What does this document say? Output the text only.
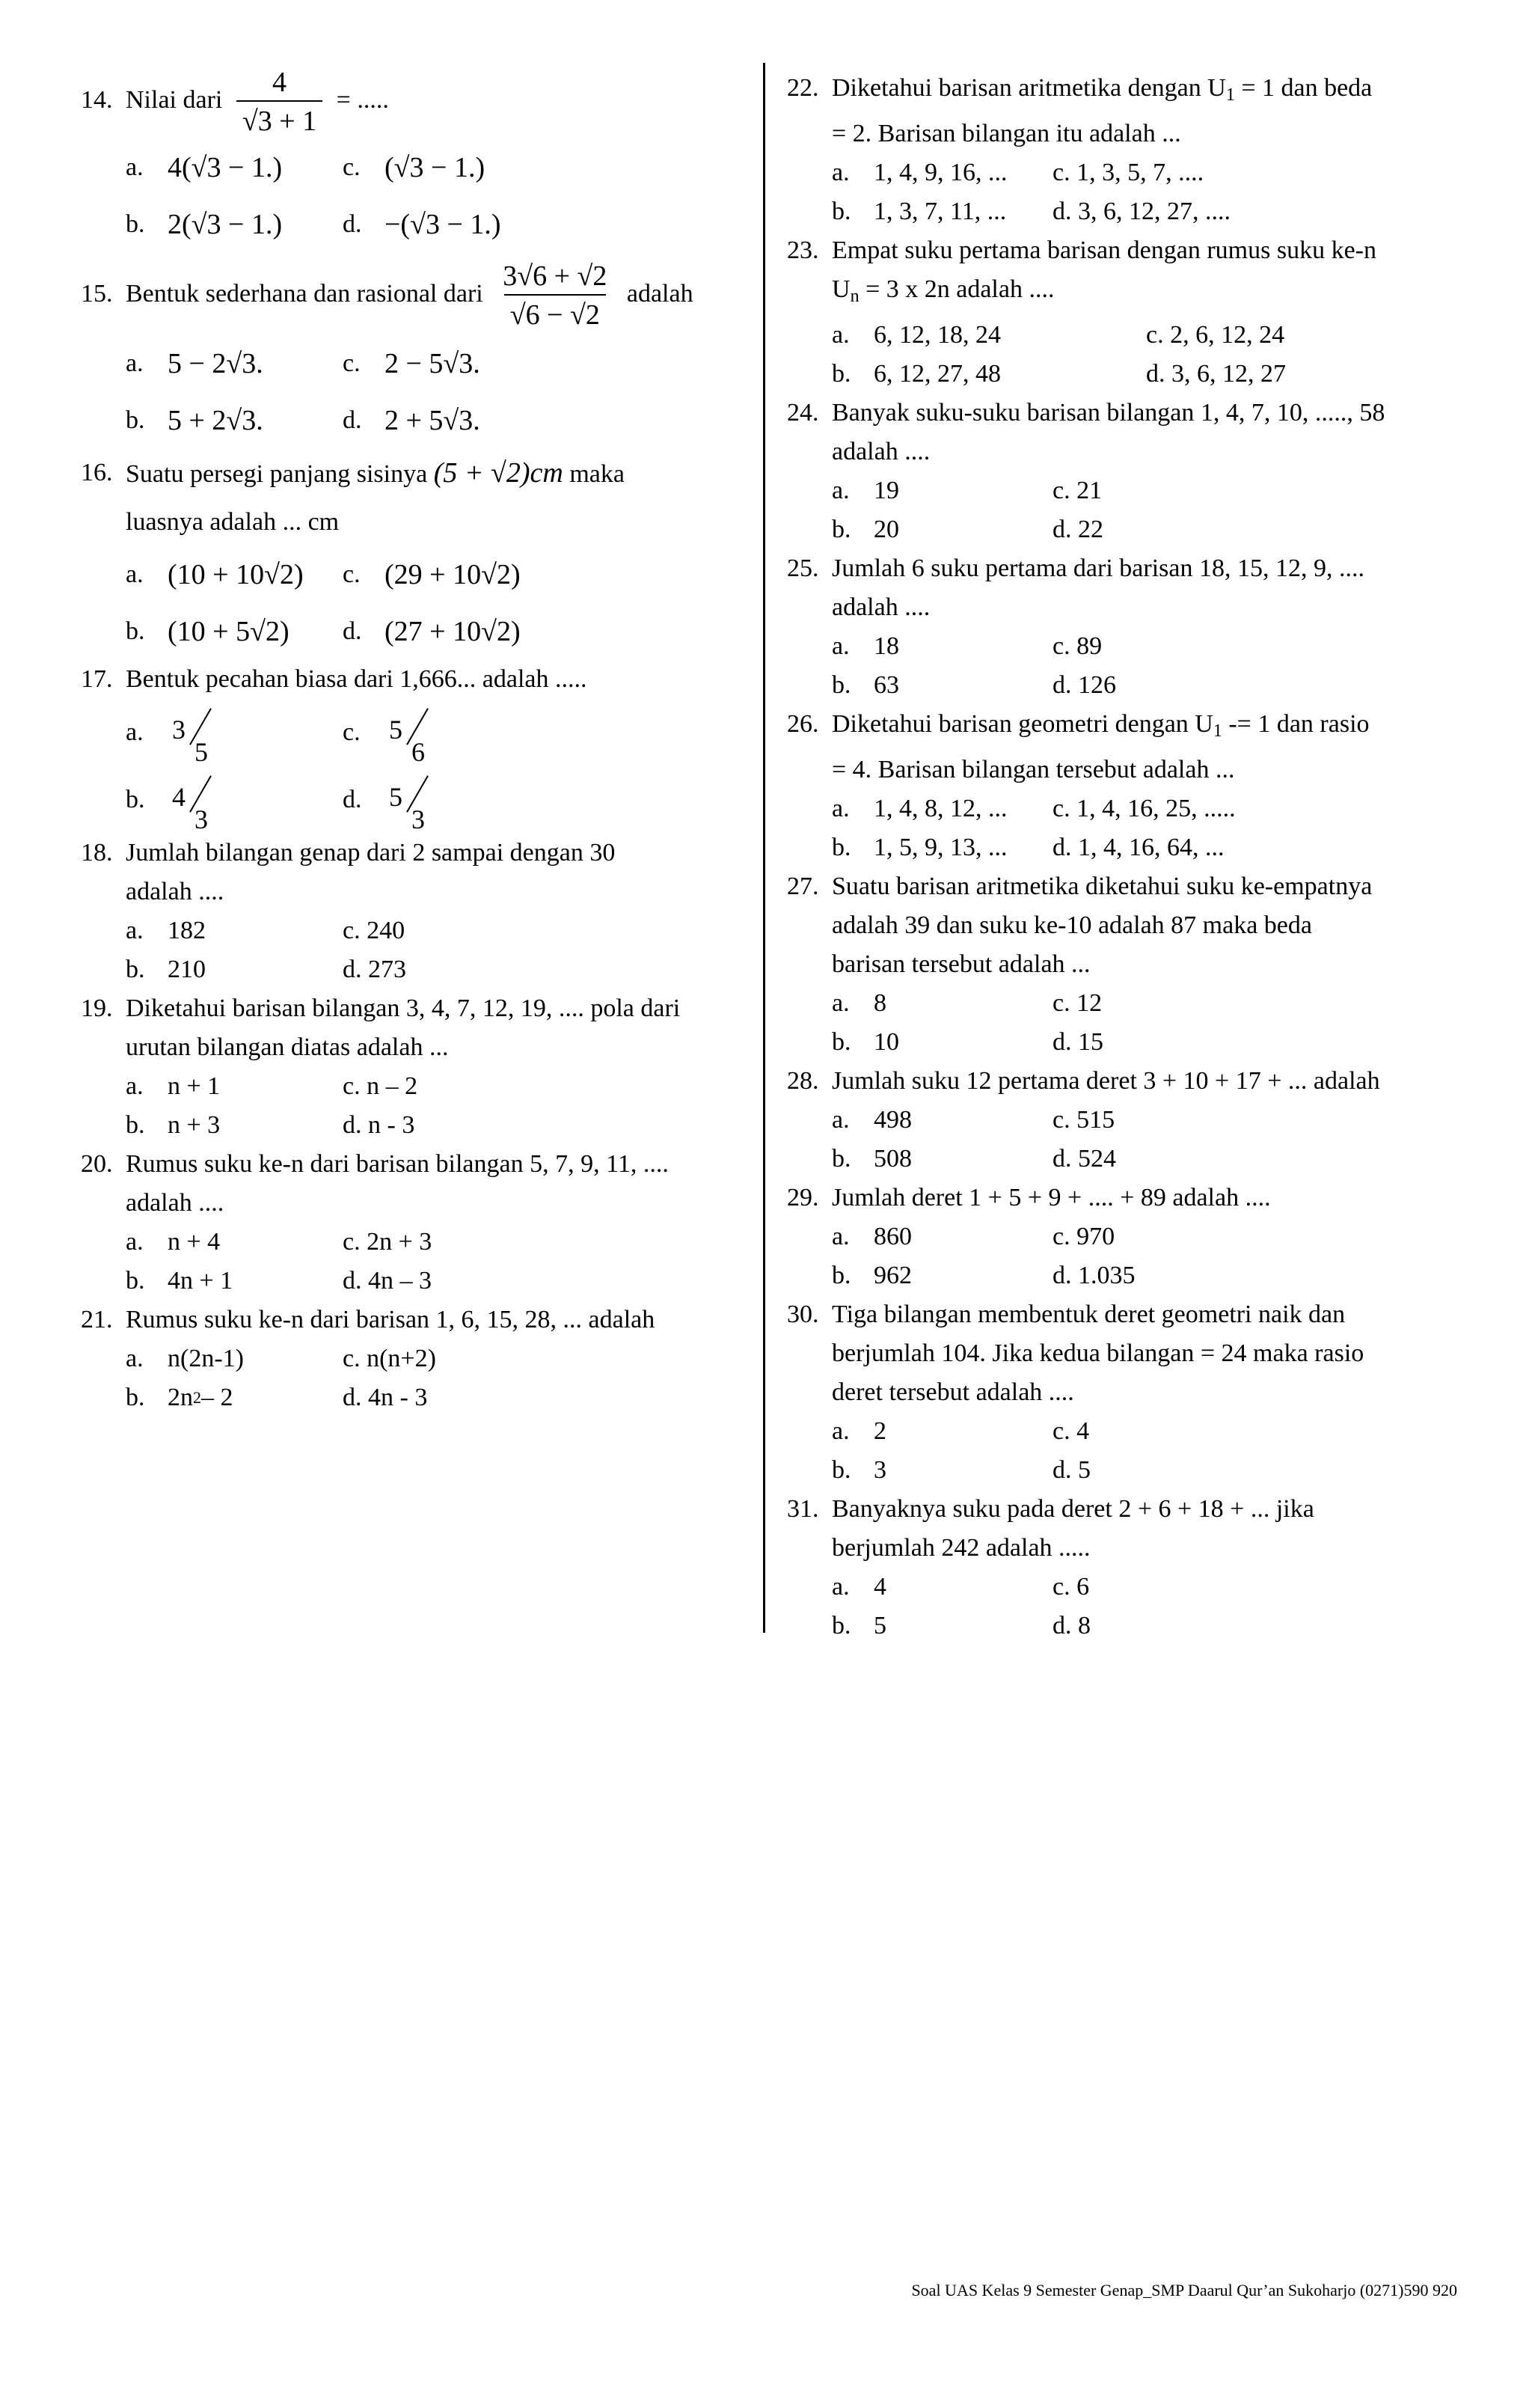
14. Nilai dari $\frac{4}{√3 + 1}$ = .....
a. 4(√3 − 1.) c. (√3 − 1.)
b. 2(√3 − 1.) d. −(√3 − 1.)
15. Bentuk sederhana dan rasional dari $\frac{3√6 + √2}{√6 - √2}$ adalah
a. 5 − 2√3.	c. 2 − 5√3.
b. 5 + 2√3.	d. 2 + 5√3.
16. Suatu persegi panjang sisinya (5 + √2)cm maka
luasnya adalah ... cm
a. (10 + 10√2) c. (29 + 10√2)
b. (10 + 5√2) d. (27 + 10√2)
17. Bentuk pecahan biasa dari 1,666... adalah .....
a.	3
5
c.	5
6
b.	4
3
d.	5
3
18. Jumlah bilangan genap dari 2 sampai dengan 30
adalah ....
a. 182	c.
240
b. 210	d.
273
19. Diketahui barisan bilangan 3, 4, 7, 12, 19, .... pola dari
urutan bilangan diatas adalah ...
a. n + 1	c.
n – 2
b. n + 3	d.
n - 3
20. Rumus suku ke-n dari barisan bilangan 5, 7, 9, 11, ....
adalah ....
a. n + 4	c.
2n + 3
b. 4n + 1	d.
4n – 3
21. Rumus suku ke-n dari barisan 1, 6, 15, 28, ... adalah
a. n(2n-1)	c.
n(n+2)
b. 2n 2 – 2	d.
4n - 3
22. Diketahui barisan aritmetika dengan $U_1 = 1$ dan beda
= 2. Barisan bilangan itu adalah ...
a. 1, 4, 9, 16, ... c.
1, 3, 5, 7, ....
b. 1, 3, 7, 11, ... d.
3, 6, 12, 27, ....
23. Empat suku pertama barisan dengan rumus suku ke-n
$U_n = 3$ x 2n adalah ....
a. 6, 12, 18, 24	c.
2, 6, 12, 24
b. 6, 12, 27, 48	d.
3, 6, 12, 27
24. Banyak suku-suku barisan bilangan 1, 4, 7, 10, ....., 58
adalah ....
a. 19	c.
21
b. 20	d.
22
25. Jumlah 6 suku pertama dari barisan 18, 15, 12, 9, ....
adalah ....
a. 18	c.
89
b. 63	d.
126
26. Diketahui barisan geometri dengan $U_1 -= 1$ dan rasio
= 4. Barisan bilangan tersebut adalah ...
a. 1, 4, 8, 12, ... c.
1, 4, 16, 25, .....
b. 1, 5, 9, 13, ... d.
1, 4, 16, 64, ...
27. Suatu barisan aritmetika diketahui suku ke-empatnya
adalah 39 dan suku ke-10 adalah 87 maka beda
barisan tersebut adalah ...
a. 8	c.
12
b. 10	d.
15
28. Jumlah suku 12 pertama deret 3 + 10 + 17 + ... adalah
a. 498	c.
515
b. 508	d.
524
29. Jumlah deret 1 + 5 + 9 + .... + 89 adalah ....
a. 860	c.
970
b. 962	d.
1.035
30. Tiga bilangan membentuk deret geometri naik dan
berjumlah 104. Jika kedua bilangan = 24 maka rasio
deret tersebut adalah ....
a. 2	c.
4
b. 3	d.
5
31. Banyaknya suku pada deret 2 + 6 + 18 + ... jika
berjumlah 242 adalah .....
a. 4	c.
6
b. 5	d.
8
Soal UAS Kelas 9 Semester Genap_SMP Daarul Qur’an Sukoharjo (0271)590 920
